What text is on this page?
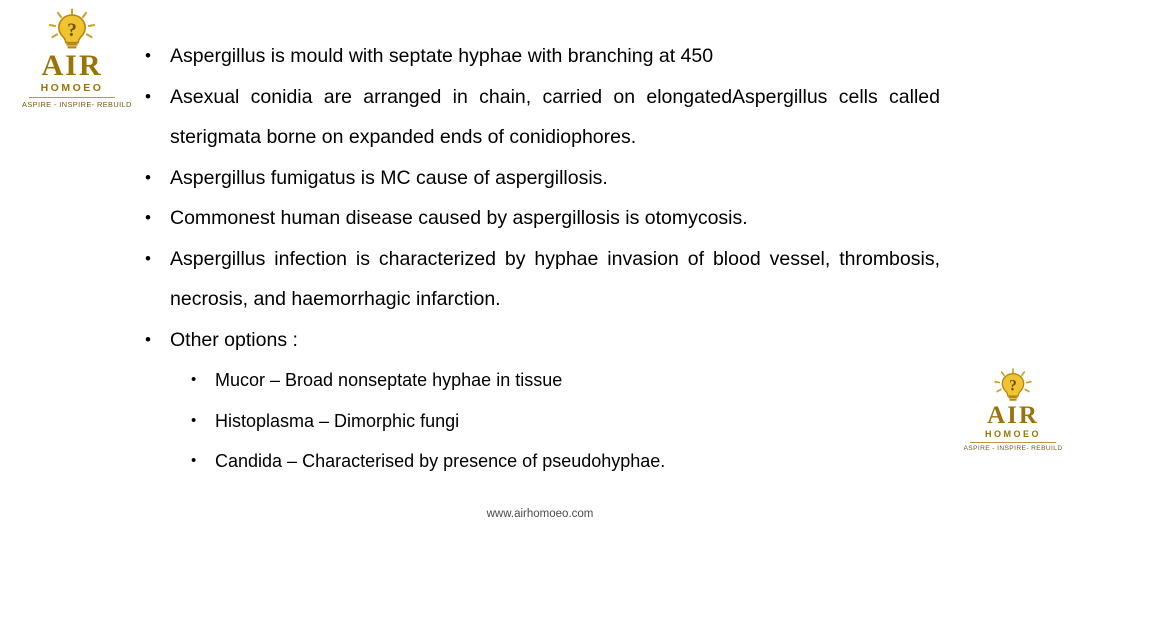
?
AIR
HOMOEO
ASPIRE - INSPIRE- REBUILD
?
AIR
HOMOEO
ASPIRE - INSPIRE- REBUILD
• Aspergillus is mould with septate hyphae with branching at 450
• Asexual conidia are arranged in chain, carried on elongatedAspergillus cells called sterigmata borne on expanded ends of conidiophores.
• Aspergillus fumigatus is MC cause of aspergillosis.
• Commonest human disease caused by aspergillosis is otomycosis.
• Aspergillus infection is characterized by hyphae invasion of blood vessel, thrombosis, necrosis, and haemorrhagic infarction.
• Other options :
• Mucor – Broad nonseptate hyphae in tissue
• Histoplasma – Dimorphic fungi
• Candida – Characterised by presence of pseudohyphae.
www.airhomoeo.com
